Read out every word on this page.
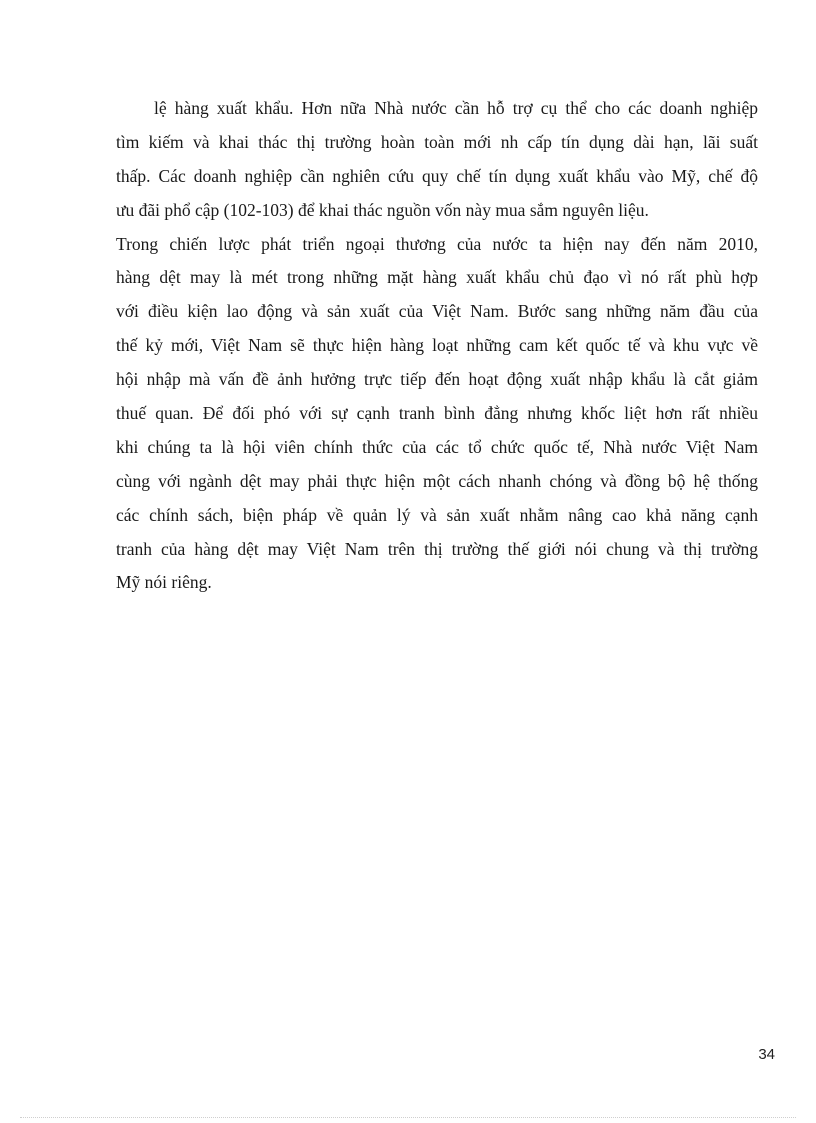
lệ hàng xuất khẩu. Hơn nữa Nhà nước cần hỗ trợ cụ thể cho các doanh nghiệp
tìm kiếm và khai thác thị trường hoàn toàn mới nh cấp tín dụng dài hạn, lãi suất
thấp. Các doanh nghiệp cần nghiên cứu quy chế tín dụng xuất khẩu vào Mỹ, chế độ
ưu đãi phổ cập (102-103) để khai thác nguồn vốn này mua sắm nguyên liệu.
Trong chiến lược phát triển ngoại thương của nước ta hiện nay đến năm 2010,
hàng dệt may là mét trong những mặt hàng xuất khẩu chủ đạo vì nó rất phù hợp
với điều kiện lao động và sản xuất của Việt Nam. Bước sang những năm đầu của
thế kỷ mới, Việt Nam sẽ thực hiện hàng loạt những cam kết quốc tế và khu vực về
hội nhập mà vấn đề ảnh hưởng trực tiếp đến hoạt động xuất nhập khẩu là cắt giảm
thuế quan. Để đối phó với sự cạnh tranh bình đẳng nhưng khốc liệt hơn rất nhiều
khi chúng ta là hội viên chính thức của các tổ chức quốc tế, Nhà nước Việt Nam
cùng với ngành dệt may phải thực hiện một cách nhanh chóng và đồng bộ hệ thống
các chính sách, biện pháp về quản lý và sản xuất nhằm nâng cao khả năng cạnh
tranh của hàng dệt may Việt Nam trên thị trường thế giới nói chung và thị trường
Mỹ nói riêng.
34
